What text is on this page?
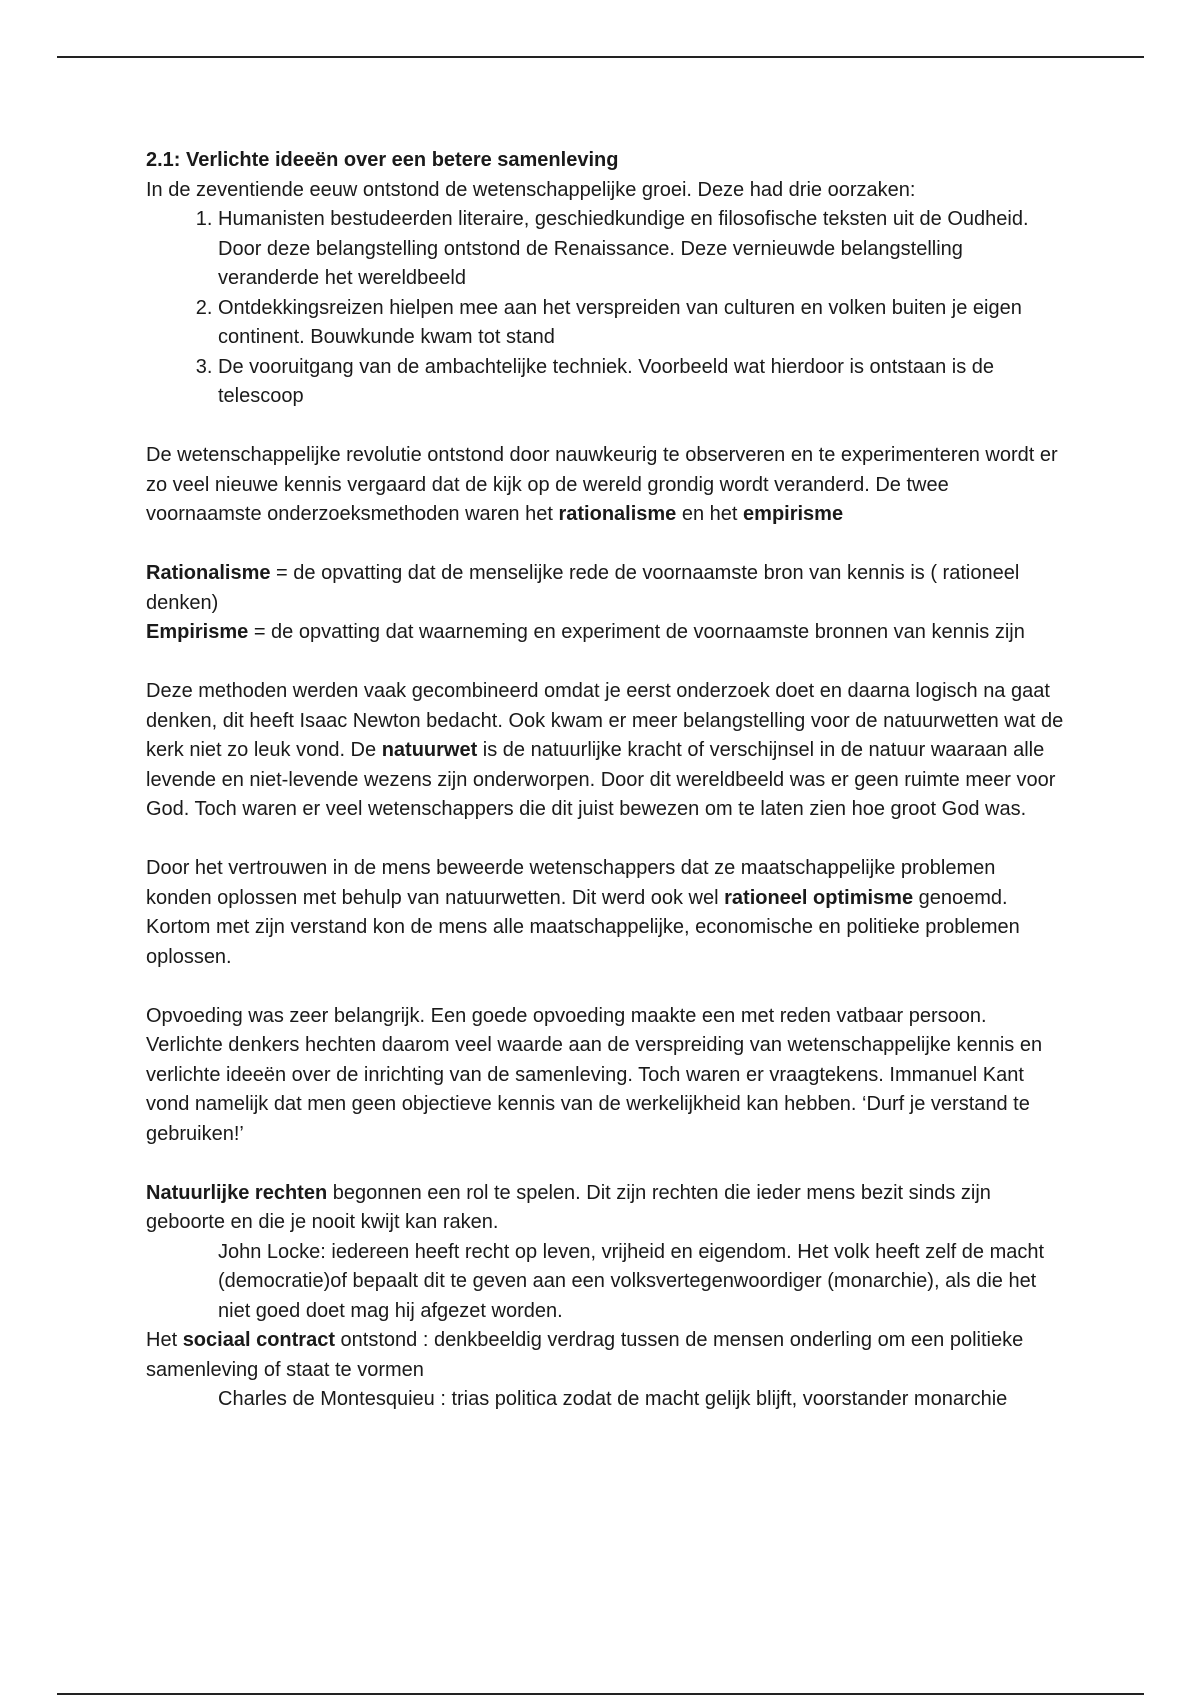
2.1: Verlichte ideeën over een betere samenleving

In de zeventiende eeuw ontstond de wetenschappelijke groei. Deze had drie oorzaken:

1. Humanisten bestudeerden literaire, geschiedkundige en filosofische teksten uit de Oudheid. Door deze belangstelling ontstond de Renaissance. Deze vernieuwde belangstelling veranderde het wereldbeeld
2. Ontdekkingsreizen hielpen mee aan het verspreiden van culturen en volken buiten je eigen continent. Bouwkunde kwam tot stand
3. De vooruitgang van de ambachtelijke techniek. Voorbeeld wat hierdoor is ontstaan is de telescoop

De wetenschappelijke revolutie ontstond door nauwkeurig te observeren en te experimenteren wordt er zo veel nieuwe kennis vergaard dat de kijk op de wereld grondig wordt veranderd. De twee voornaamste onderzoeksmethoden waren het rationalisme en het empirisme

Rationalisme = de opvatting dat de menselijke rede de voornaamste bron van kennis is ( rationeel denken)

Empirisme = de opvatting dat waarneming en experiment de voornaamste bronnen van kennis zijn

Deze methoden werden vaak gecombineerd omdat je eerst onderzoek doet en daarna logisch na gaat denken, dit heeft Isaac Newton bedacht. Ook kwam er meer belangstelling voor de natuurwetten wat de kerk niet zo leuk vond. De natuurwet is de natuurlijke kracht of verschijnsel in de natuur waaraan alle levende en niet-levende wezens zijn onderworpen. Door dit wereldbeeld was er geen ruimte meer voor God. Toch waren er veel wetenschappers die dit juist bewezen om te laten zien hoe groot God was.

Door het vertrouwen in de mens beweerde wetenschappers dat ze maatschappelijke problemen konden oplossen met behulp van natuurwetten. Dit werd ook wel rationeel optimisme genoemd. Kortom met zijn verstand kon de mens alle maatschappelijke, economische en politieke problemen oplossen.

Opvoeding was zeer belangrijk. Een goede opvoeding maakte een met reden vatbaar persoon. Verlichte denkers hechten daarom veel waarde aan de verspreiding van wetenschappelijke kennis en verlichte ideeën over de inrichting van de samenleving. Toch waren er vraagtekens. Immanuel Kant vond namelijk dat men geen objectieve kennis van de werkelijkheid kan hebben. ‘Durf je verstand te gebruiken!’

Natuurlijke rechten begonnen een rol te spelen. Dit zijn rechten die ieder mens bezit sinds zijn geboorte en die je nooit kwijt kan raken.

John Locke: iedereen heeft recht op leven, vrijheid en eigendom. Het volk heeft zelf de macht (democratie)of bepaalt dit te geven aan een volksvertegenwoordiger (monarchie), als die het niet goed doet mag hij afgezet worden.

Het sociaal contract ontstond : denkbeeldig verdrag tussen de mensen onderling om een politieke samenleving of staat te vormen

Charles de Montesquieu : trias politica zodat de macht gelijk blijft, voorstander monarchie
